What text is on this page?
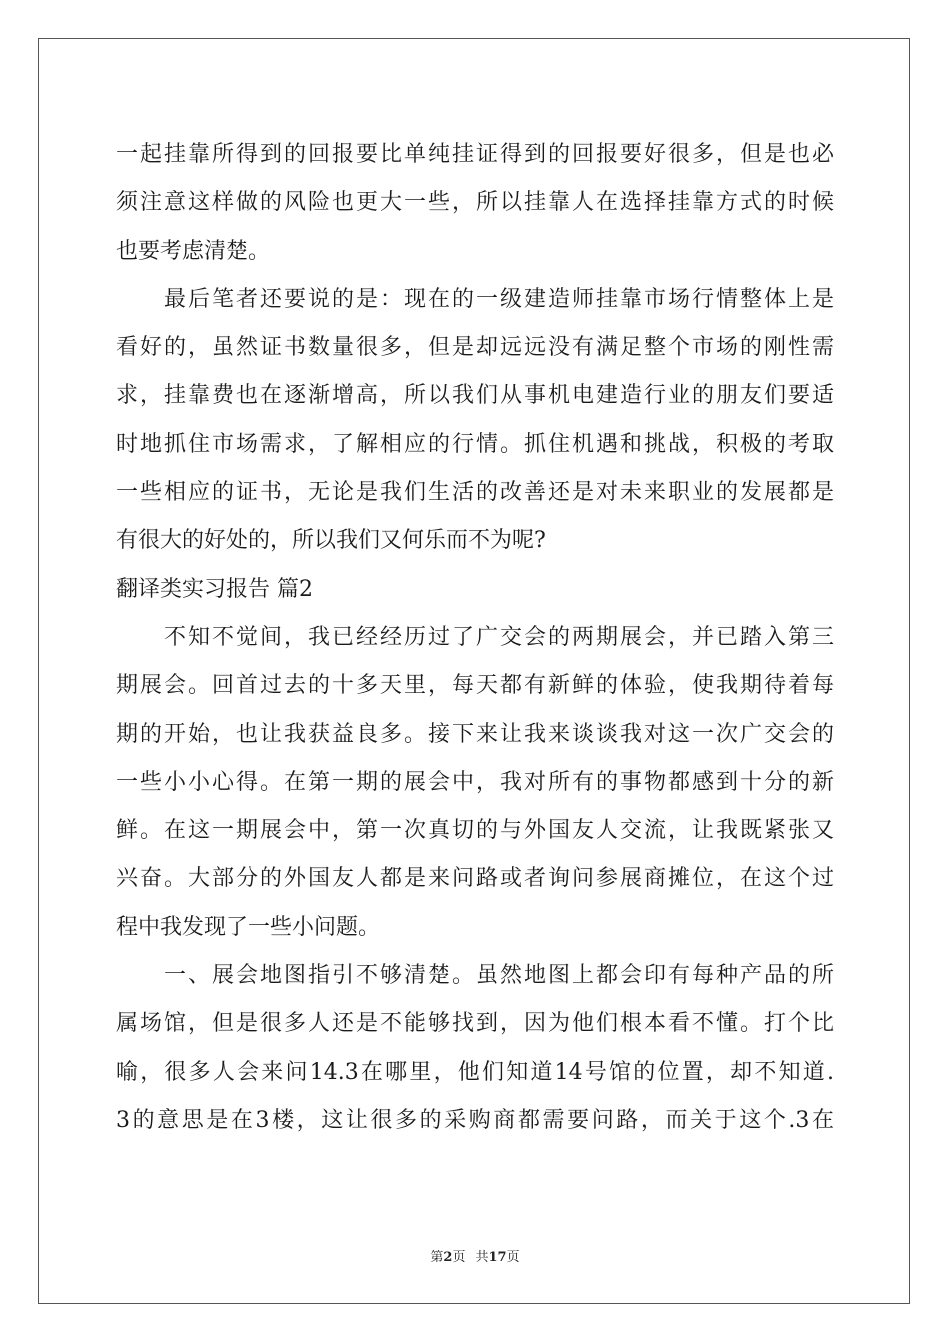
一起挂靠所得到的回报要比单纯挂证得到的回报要好很多，但是也必
须注意这样做的风险也更大一些，所以挂靠人在选择挂靠方式的时候
也要考虑清楚。
最后笔者还要说的是：现在的一级建造师挂靠市场行情整体上是
看好的，虽然证书数量很多，但是却远远没有满足整个市场的刚性需
求，挂靠费也在逐渐增高，所以我们从事机电建造行业的朋友们要适
时地抓住市场需求，了解相应的行情。抓住机遇和挑战，积极的考取
一些相应的证书，无论是我们生活的改善还是对未来职业的发展都是
有很大的好处的，所以我们又何乐而不为呢?
翻译类实习报告 篇2
不知不觉间，我已经经历过了广交会的两期展会，并已踏入第三
期展会。回首过去的十多天里，每天都有新鲜的体验，使我期待着每
期的开始，也让我获益良多。接下来让我来谈谈我对这一次广交会的
一些小小心得。在第一期的展会中，我对所有的事物都感到十分的新
鲜。在这一期展会中，第一次真切的与外国友人交流，让我既紧张又
兴奋。大部分的外国友人都是来问路或者询问参展商摊位，在这个过
程中我发现了一些小问题。
一、展会地图指引不够清楚。虽然地图上都会印有每种产品的所
属场馆，但是很多人还是不能够找到，因为他们根本看不懂。打个比
喻，很多人会来问14.3在哪里，他们知道14号馆的位置，却不知道.
3的意思是在3楼，这让很多的采购商都需要问路，而关于这个.3在
第2页 共17页
